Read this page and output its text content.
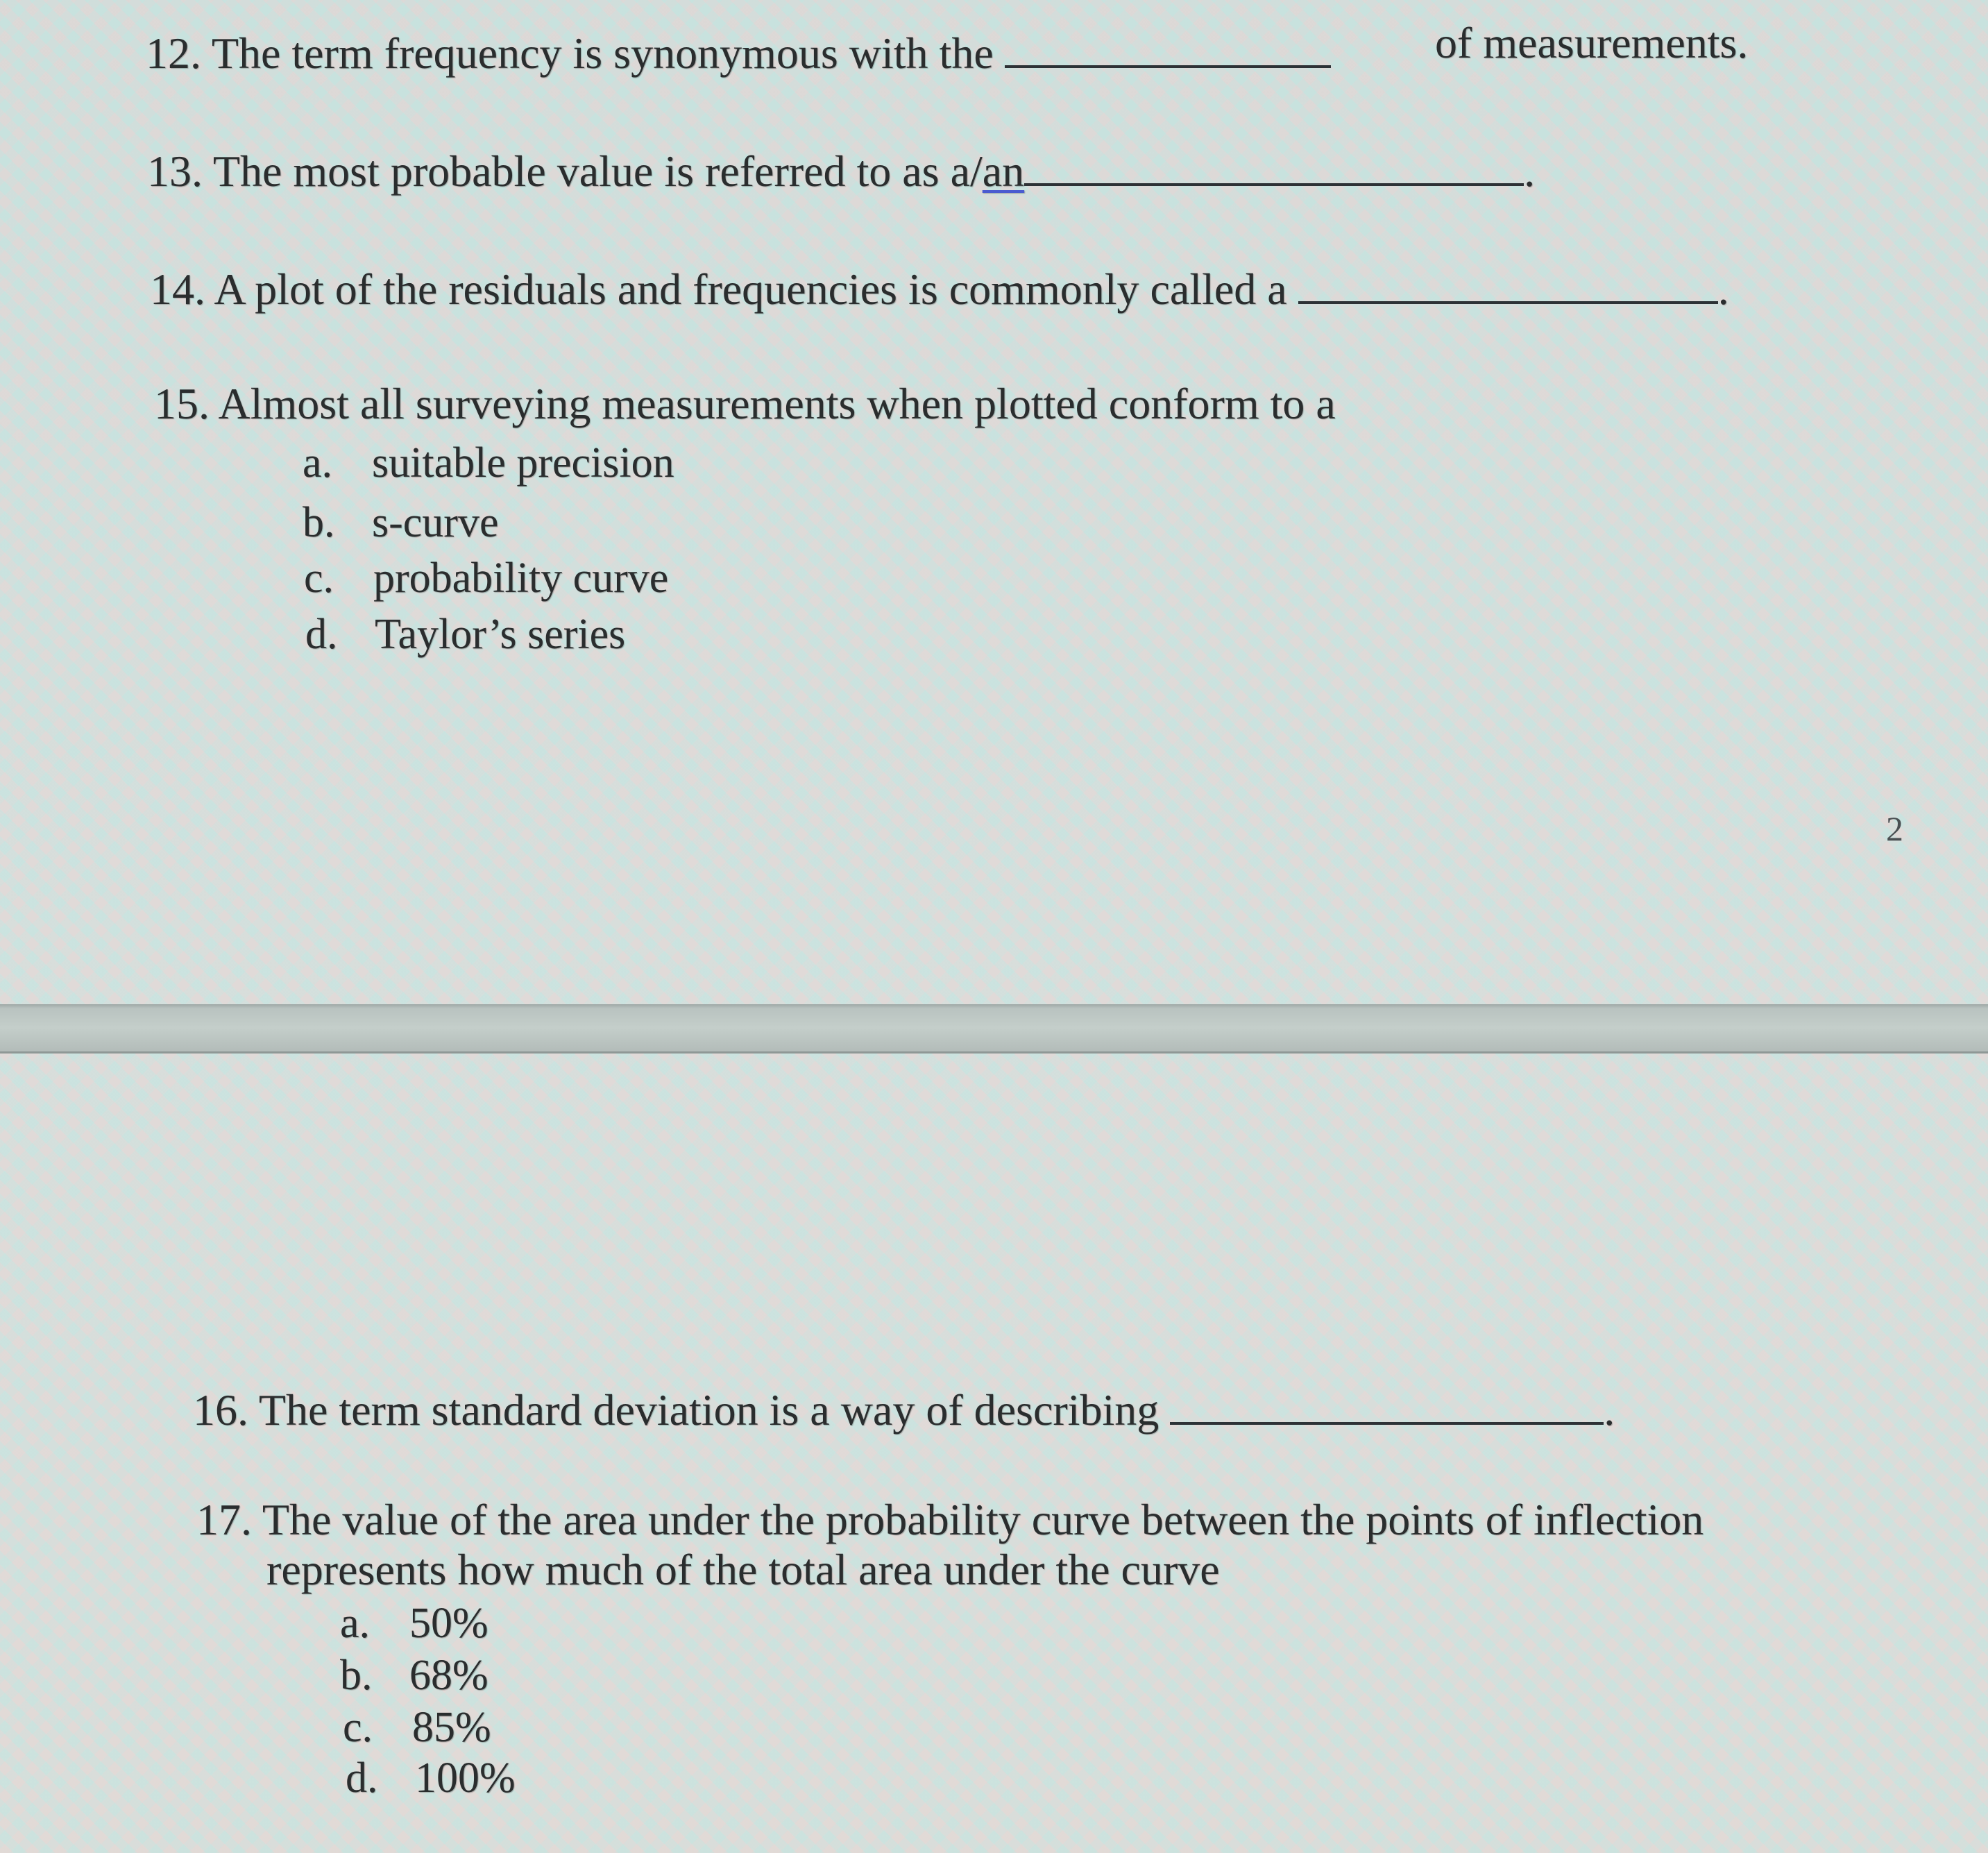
12. The term frequency is synonymous with the	of measurements.
13. The most probable value is referred to as a/an	.
14. A plot of the residuals and frequencies is commonly called a	.
15. Almost all surveying measurements when plotted conform to a
a. suitable precision
b. s-curve
c. probability curve
d. Taylor’s series
2
16. The term standard deviation is a way of describing	.
17. The value of the area under the probability curve between the points of inflection
represents how much of the total area under the curve
a. 50%
b. 68%
c. 85%
d. 100%
